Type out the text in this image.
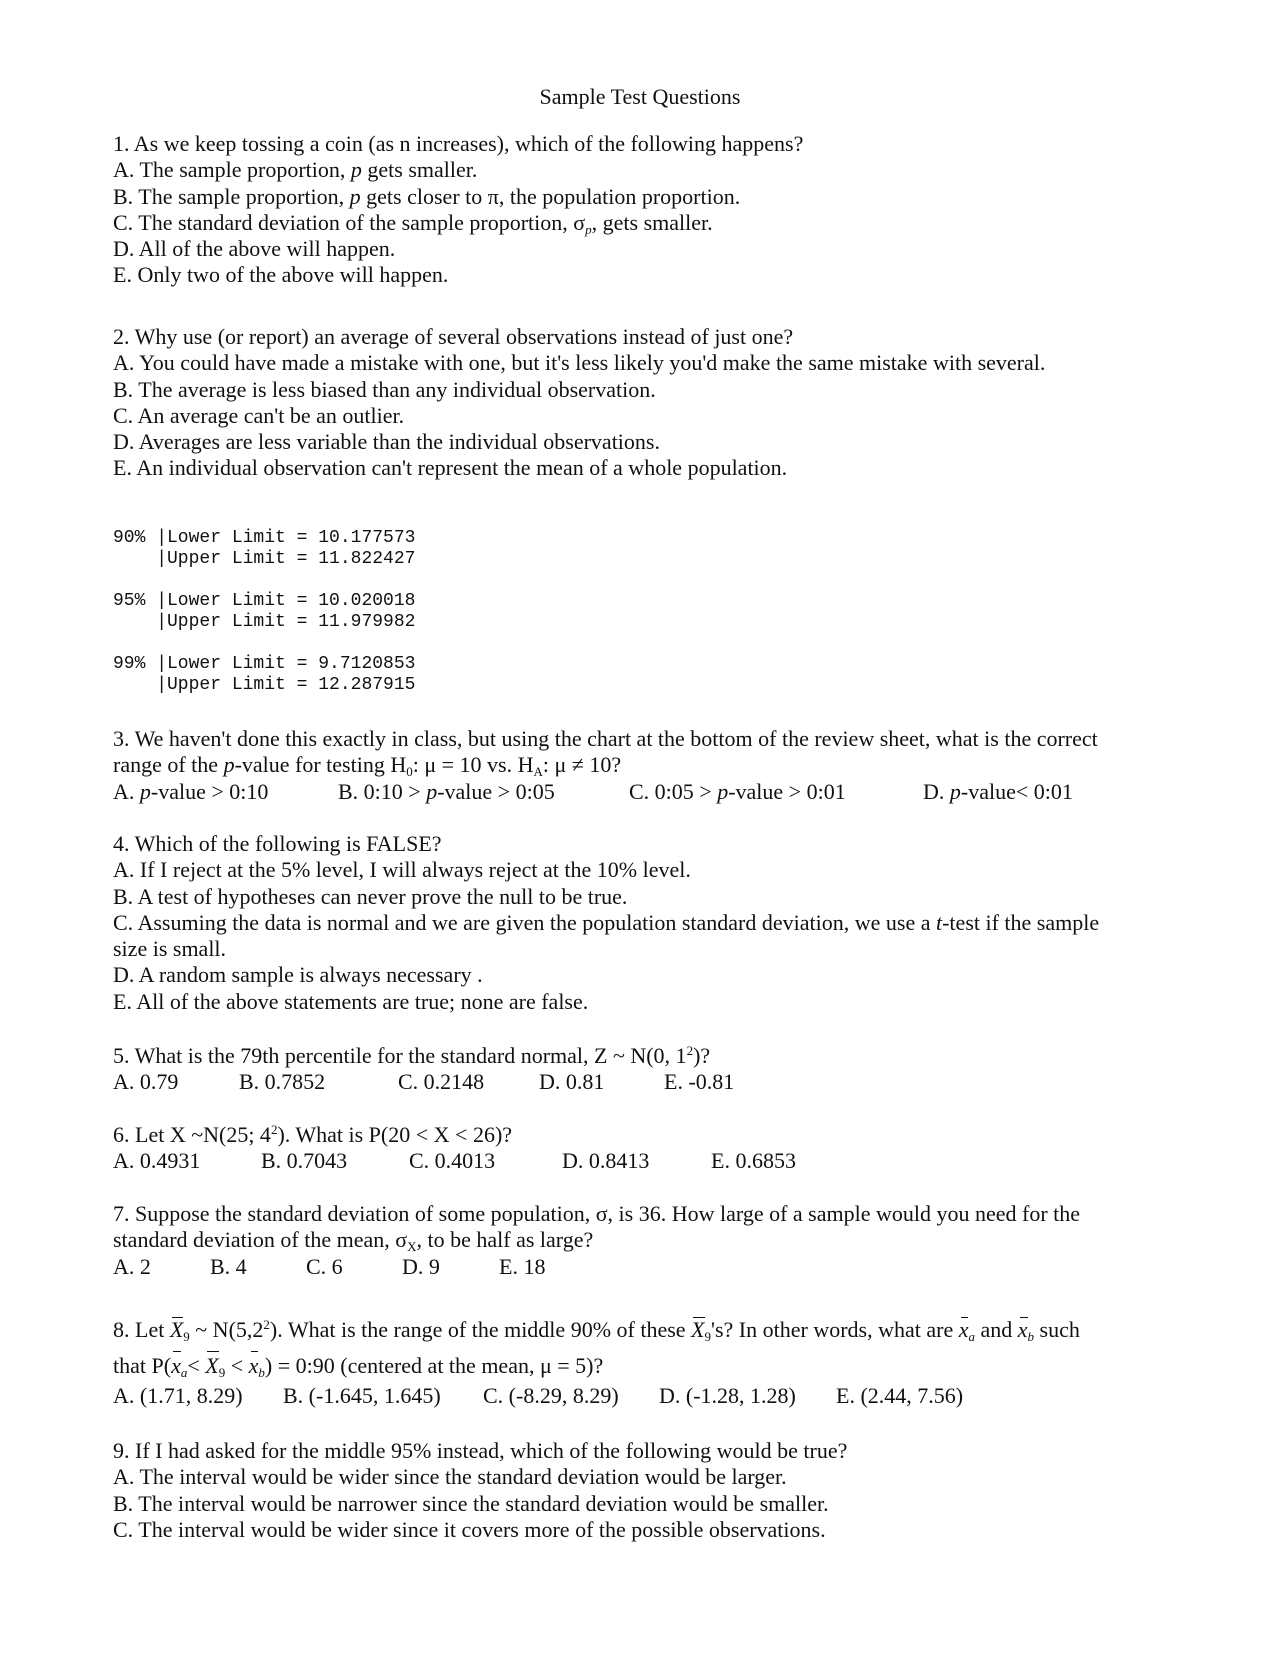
Sample Test Questions
1. As we keep tossing a coin (as n increases), which of the following happens?
A. The sample proportion, p gets smaller.
B. The sample proportion, p gets closer to π, the population proportion.
C. The standard deviation of the sample proportion, $\sigma_p$, gets smaller.
D. All of the above will happen.
E. Only two of the above will happen.
2. Why use (or report) an average of several observations instead of just one?
A. You could have made a mistake with one, but it's less likely you'd make the same mistake with several.
B. The average is less biased than any individual observation.
C. An average can't be an outlier.
D. Averages are less variable than the individual observations.
E. An individual observation can't represent the mean of a whole population.
90% |Lower Limit = 10.177573
|Upper Limit = 11.822427
95% |Lower Limit = 10.020018
|Upper Limit = 11.979982
99% |Lower Limit = 9.7120853
|Upper Limit = 12.287915
3. We haven't done this exactly in class, but using the chart at the bottom of the review sheet, what is the correct
range of the p-value for testing $H_0$: μ = 10 vs. $H_A$: μ ≠ 10?
A. p-value > 0:10	B. 0:10 > p-value > 0:05	C. 0:05 > p-value > 0:01	D. p-value< 0:01
4. Which of the following is FALSE?
A. If I reject at the 5% level, I will always reject at the 10% level.
B. A test of hypotheses can never prove the null to be true.
C. Assuming the data is normal and we are given the population standard deviation, we use a t-test if the sample
size is small.
D. A random sample is always necessary .
E. All of the above statements are true; none are false.
5. What is the 79th percentile for the standard normal, Z ~ N(0, $1^2$)?
A. 0.79	B. 0.7852	C. 0.2148 D. 0.81	E. -0.81
6. Let X ~N(25; $4^2$). What is P(20 < X < 26)?
A. 0.4931	B. 0.7043	C. 0.4013	D. 0.8413	E. 0.6853
7. Suppose the standard deviation of some population, σ, is 36. How large of a sample would you need for the
standard deviation of the mean, $\sigma_X$, to be half as large?
A. 2	B. 4	C. 6	D. 9	E. 18
8. Let $X_9$ ~ $N(5,2^2)$. What is the range of the middle 90% of these $X_9's$? In other words, what are $x_a$ and $x_b$ such
that $P(x_a< X_9 < x_b)$ = 0:90 (centered at the mean, μ = 5)?
A. (1.71, 8.29) B. (-1.645, 1.645) C. (-8.29, 8.29) D. (-1.28, 1.28) E. (2.44, 7.56)
9. If I had asked for the middle 95% instead, which of the following would be true?
A. The interval would be wider since the standard deviation would be larger.
B. The interval would be narrower since the standard deviation would be smaller.
C. The interval would be wider since it covers more of the possible observations.
